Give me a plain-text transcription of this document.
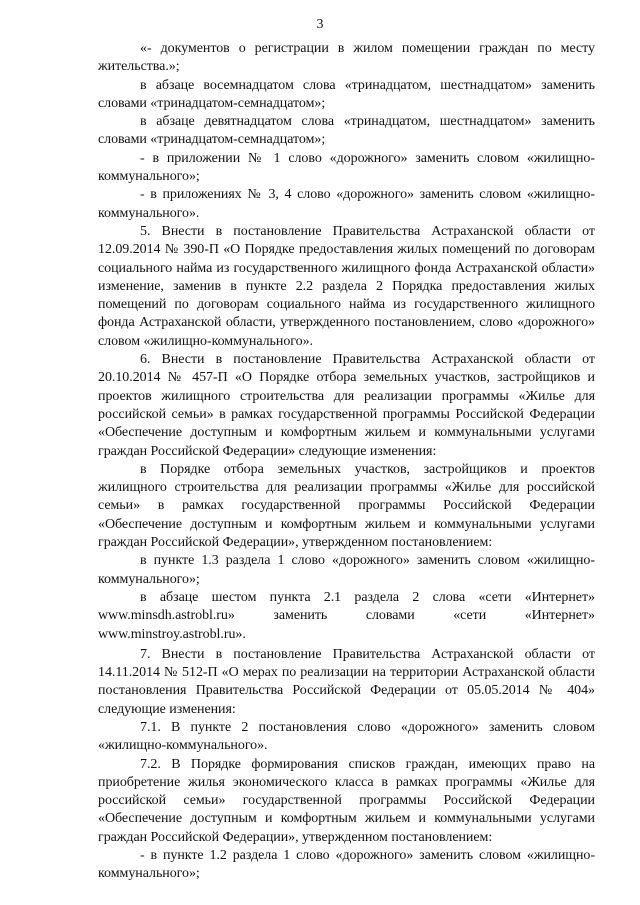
3

«- документов о регистрации в жилом помещении граждан по месту жительства.»;

в абзаце восемнадцатом слова «тринадцатом, шестнадцатом» заменить словами «тринадцатом-семнадцатом»;

в абзаце девятнадцатом слова «тринадцатом, шестнадцатом» заменить словами «тринадцатом-семнадцатом»;

- в приложении № 1 слово «дорожного» заменить словом «жилищно-коммунального»;

- в приложениях № 3, 4 слово «дорожного» заменить словом «жилищно-коммунального».

5. Внести в постановление Правительства Астраханской области от 12.09.2014 № 390-П «О Порядке предоставления жилых помещений по договорам социального найма из государственного жилищного фонда Астраханской области» изменение, заменив в пункте 2.2 раздела 2 Порядка предоставления жилых помещений по договорам социального найма из государственного жилищного фонда Астраханской области, утвержденного постановлением, слово «дорожного» словом «жилищно-коммунального».

6. Внести в постановление Правительства Астраханской области от 20.10.2014 № 457-П «О Порядке отбора земельных участков, застройщиков и проектов жилищного строительства для реализации программы «Жилье для российской семьи» в рамках государственной программы Российской Федерации «Обеспечение доступным и комфортным жильем и коммунальными услугами граждан Российской Федерации» следующие изменения:

в Порядке отбора земельных участков, застройщиков и проектов жилищного строительства для реализации программы «Жилье для российской семьи» в рамках государственной программы Российской Федерации «Обеспечение доступным и комфортным жильем и коммунальными услугами граждан Российской Федерации», утвержденном постановлением:

в пункте 1.3 раздела 1 слово «дорожного» заменить словом «жилищно-коммунального»;

в абзаце шестом пункта 2.1 раздела 2 слова «сети «Интернет» www.minsdh.astrobl.ru» заменить словами «сети «Интернет» www.minstroy.astrobl.ru».

7. Внести в постановление Правительства Астраханской области от 14.11.2014 № 512-П «О мерах по реализации на территории Астраханской области постановления Правительства Российской Федерации от 05.05.2014 № 404» следующие изменения:

7.1. В пункте 2 постановления слово «дорожного» заменить словом «жилищно-коммунального».

7.2. В Порядке формирования списков граждан, имеющих право на приобретение жилья экономического класса в рамках программы «Жилье для российской семьи» государственной программы Российской Федерации «Обеспечение доступным и комфортным жильем и коммунальными услугами граждан Российской Федерации», утвержденном постановлением:

- в пункте 1.2 раздела 1 слово «дорожного» заменить словом «жилищно-коммунального»;
